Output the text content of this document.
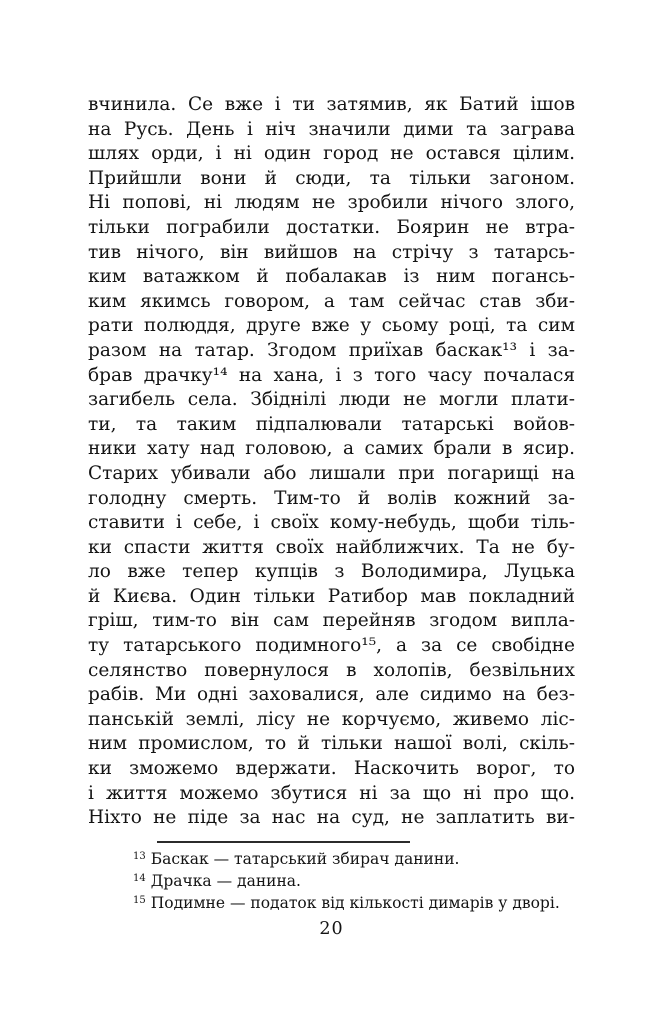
вчинила. Се вже і ти затямив, як Батий ішов
на Русь. День і ніч значили дими та заграва
шлях орди, і ні один город не остався цілим.
Прийшли вони й сюди, та тільки загоном.
Ні попові, ні людям не зробили нічого злого,
тільки пограбили достатки. Боярин не втра-
тив нічого, він вийшов на стрічу з татарсь-
ким ватажком й побалакав із ним погансь-
ким якимсь говором, а там сейчас став зби-
рати полюддя, друге вже у сьому році, та сим
разом на татар. Згодом приїхав баскак¹³ і за-
брав драчку¹⁴ на хана, і з того часу почалася
загибель села. Збіднілі люди не могли плати-
ти, та таким підпалювали татарські войов-
ники хату над головою, а самих брали в ясир.
Старих убивали або лишали при погарищі на
голодну смерть. Тим-то й волів кожний за-
ставити і себе, і своїх кому-небудь, щоби тіль-
ки спасти життя своїх найближчих. Та не бу-
ло вже тепер купців з Володимира, Луцька
й Києва. Один тільки Ратибор мав покладний
гріш, тим-то він сам перейняв згодом випла-
ту татарського подимного¹⁵, а за се свобідне
селянство повернулося в холопів, безвільних
рабів. Ми одні заховалися, але сидимо на без-
панській землі, лісу не корчуємо, живемо ліс-
ним промислом, то й тільки нашої волі, скіль-
ки зможемо вдержати. Наскочить ворог, то
і життя можемо збутися ні за що ні про що.
Ніхто не піде за нас на суд, не заплатить ви-
$^{13}$ Баскак — татарський збирач данини.
$^{14}$ Драчка — данина.
$^{15}$ Подимне — податок від кількості димарів у дворі.
20
